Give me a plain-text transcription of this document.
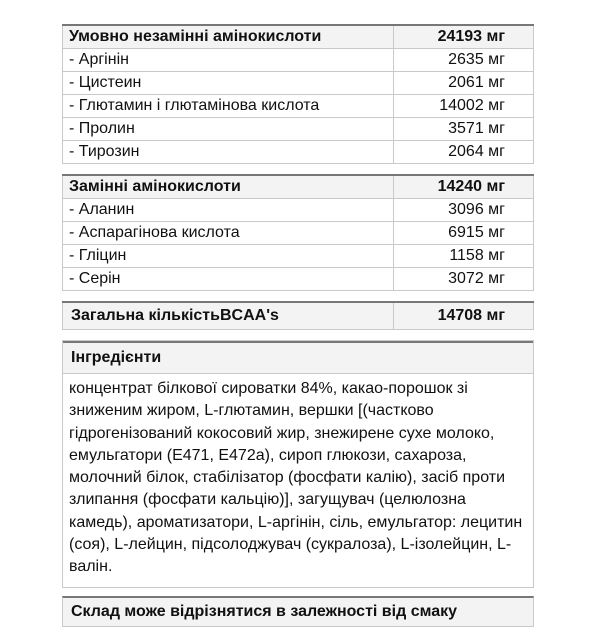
Умовно незамінні амінокислоти	24193 мг
- Аргінін	2635 мг
- Цистеин	2061 мг
- Глютамин і глютамінова кислота	14002 мг
- Пролин	3571 мг
- Тирозин	2064 мг
Замінні амінокислоти	14240 мг
- Аланин	3096 мг
- Аспарагінова кислота	6915 мг
- Гліцин	1158 мг
- Серін	3072 мг
Загальна кількістьBCAA's	14708 мг
Інгредієнти
концентрат білкової сироватки 84%, какао-порошок зі зниженим жиром, L-глютамин, вершки [(частково гідрогенізований кокосовий жир, знежирене сухе молоко, емульгатори (E471, E472a), сироп глюкози, сахароза, молочний білок, стабілізатор (фосфати калію), засіб проти злипання (фосфати кальцію)], загущувач (целюлозна камедь), ароматизатори, L-аргінін, сіль, емульгатор: лецитин (соя), L-лейцин, підсолоджувач (сукралоза), L-ізолейцин, L-валін.
Склад може відрізнятися в залежності від смаку
